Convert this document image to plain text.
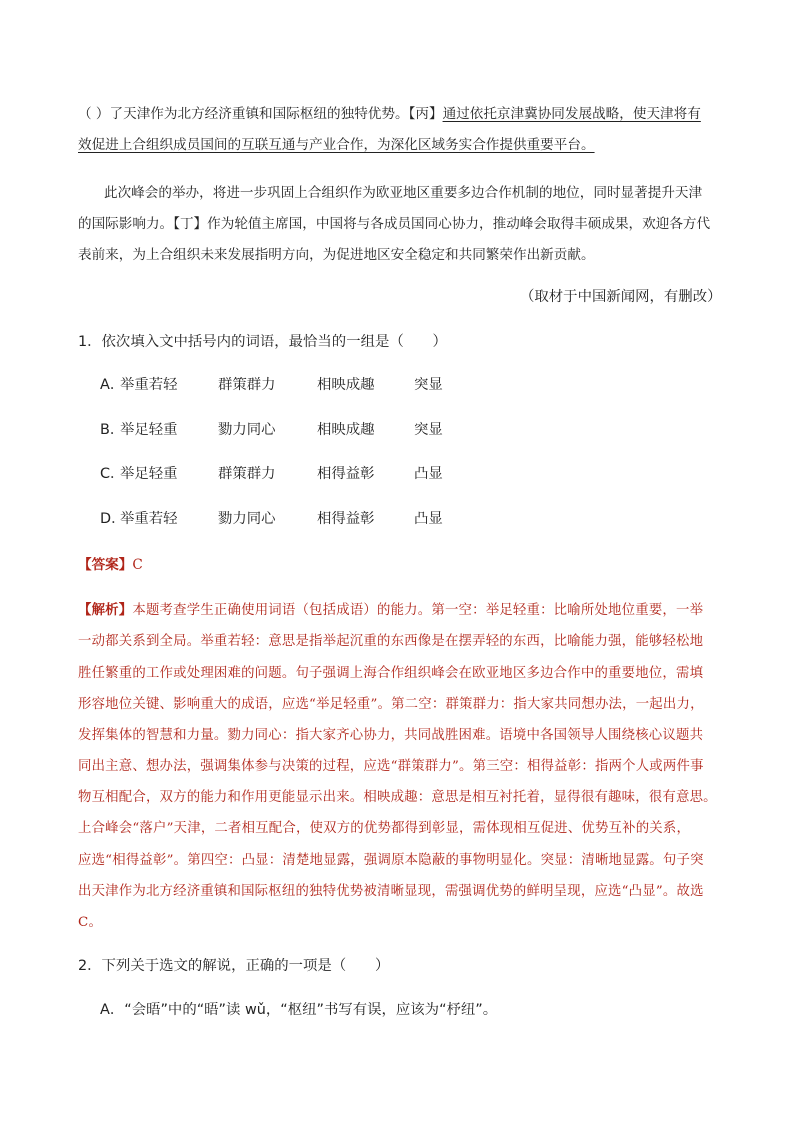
（ ）了天津作为北方经济重镇和国际枢纽的独特优势。【丙】通过依托京津冀协同发展战略，使天津将有
效促进上合组织成员国间的互联互通与产业合作，为深化区域务实合作提供重要平台。
此次峰会的举办，将进一步巩固上合组织作为欧亚地区重要多边合作机制的地位，同时显著提升天津
的国际影响力。【丁】作为轮值主席国，中国将与各成员国同心协力，推动峰会取得丰硕成果，欢迎各方代
表前来，为上合组织未来发展指明方向，为促进地区安全稳定和共同繁荣作出新贡献。
（取材于中国新闻网，有删改）
1．依次填入文中括号内的词语，最恰当的一组是（　　）
A．
举重若轻	群策群力	相映成趣	突显
B．
举足轻重	勠力同心	相映成趣	突显
C．
举足轻重	群策群力	相得益彰	凸显
D．
举重若轻	勠力同心	相得益彰	凸显
【答案】C
【解析】本题考查学生正确使用词语（包括成语）的能力。第一空：举足轻重：比喻所处地位重要，一举
一动都关系到全局。举重若轻：意思是指举起沉重的东西像是在摆弄轻的东西，比喻能力强，能够轻松地
胜任繁重的工作或处理困难的问题。句子强调上海合作组织峰会在欧亚地区多边合作中的重要地位，需填
形容地位关键、影响重大的成语，应选“举足轻重”。第二空：群策群力：指大家共同想办法，一起出力，
发挥集体的智慧和力量。勠力同心：指大家齐心协力，共同战胜困难。语境中各国领导人围绕核心议题共
同出主意、想办法，强调集体参与决策的过程，应选“群策群力”。第三空：相得益彰：指两个人或两件事
物互相配合，双方的能力和作用更能显示出来。相映成趣：意思是相互衬托着，显得很有趣味，很有意思。
上合峰会“落户”天津，二者相互配合，使双方的优势都得到彰显，需体现相互促进、优势互补的关系，
应选“相得益彰”。第四空：凸显：清楚地显露，强调原本隐蔽的事物明显化。突显：清晰地显露。句子突
出天津作为北方经济重镇和国际枢纽的独特优势被清晰显现，需强调优势的鲜明呈现，应选“凸显”。故选
C。
2．下列关于选文的解说，正确的一项是（　　）
A．“会晤”中的“晤”读 wǔ，“枢纽”书写有误，应该为“杼纽”。
